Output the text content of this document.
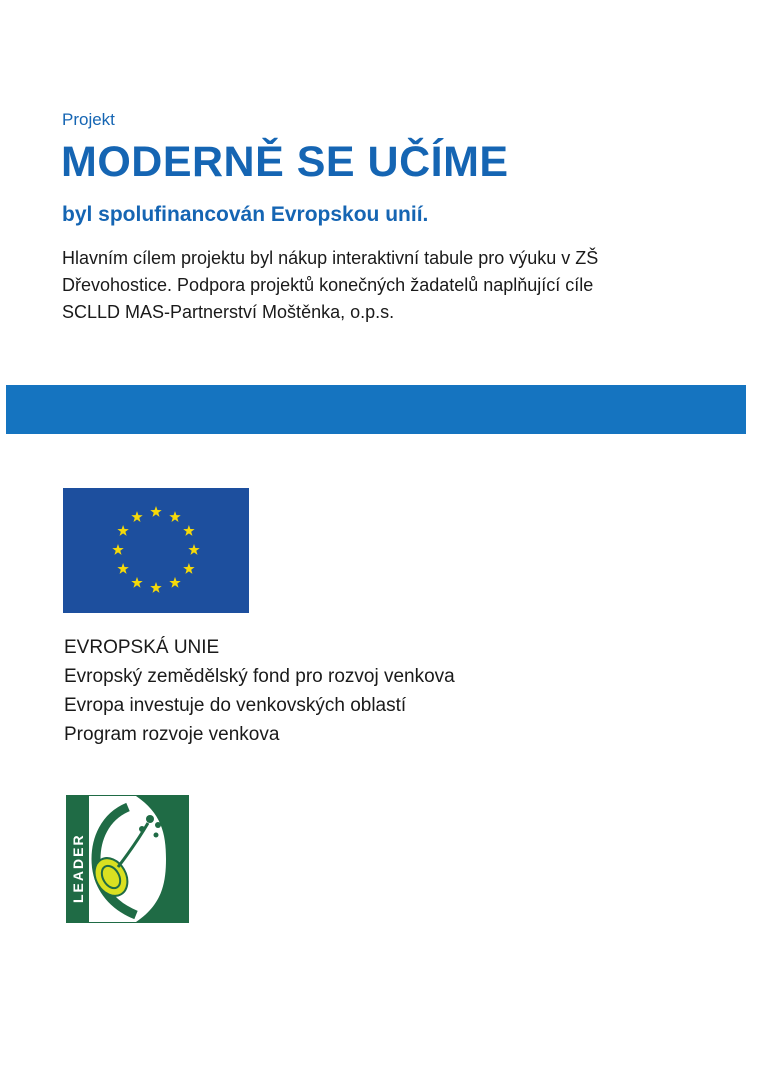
Projekt
MODERNĚ SE UČÍME
byl spolufinancován Evropskou unií.
Hlavním cílem projektu byl nákup interaktivní tabule pro výuku v ZŠ
Dřevohostice. Podpora projektů konečných žadatelů naplňující cíle
SCLLD MAS-Partnerství Moštěnka, o.p.s.
EVROPSKÁ UNIE
Evropský zemědělský fond pro rozvoj venkova
Evropa investuje do venkovských oblastí
Program rozvoje venkova
LEADER
